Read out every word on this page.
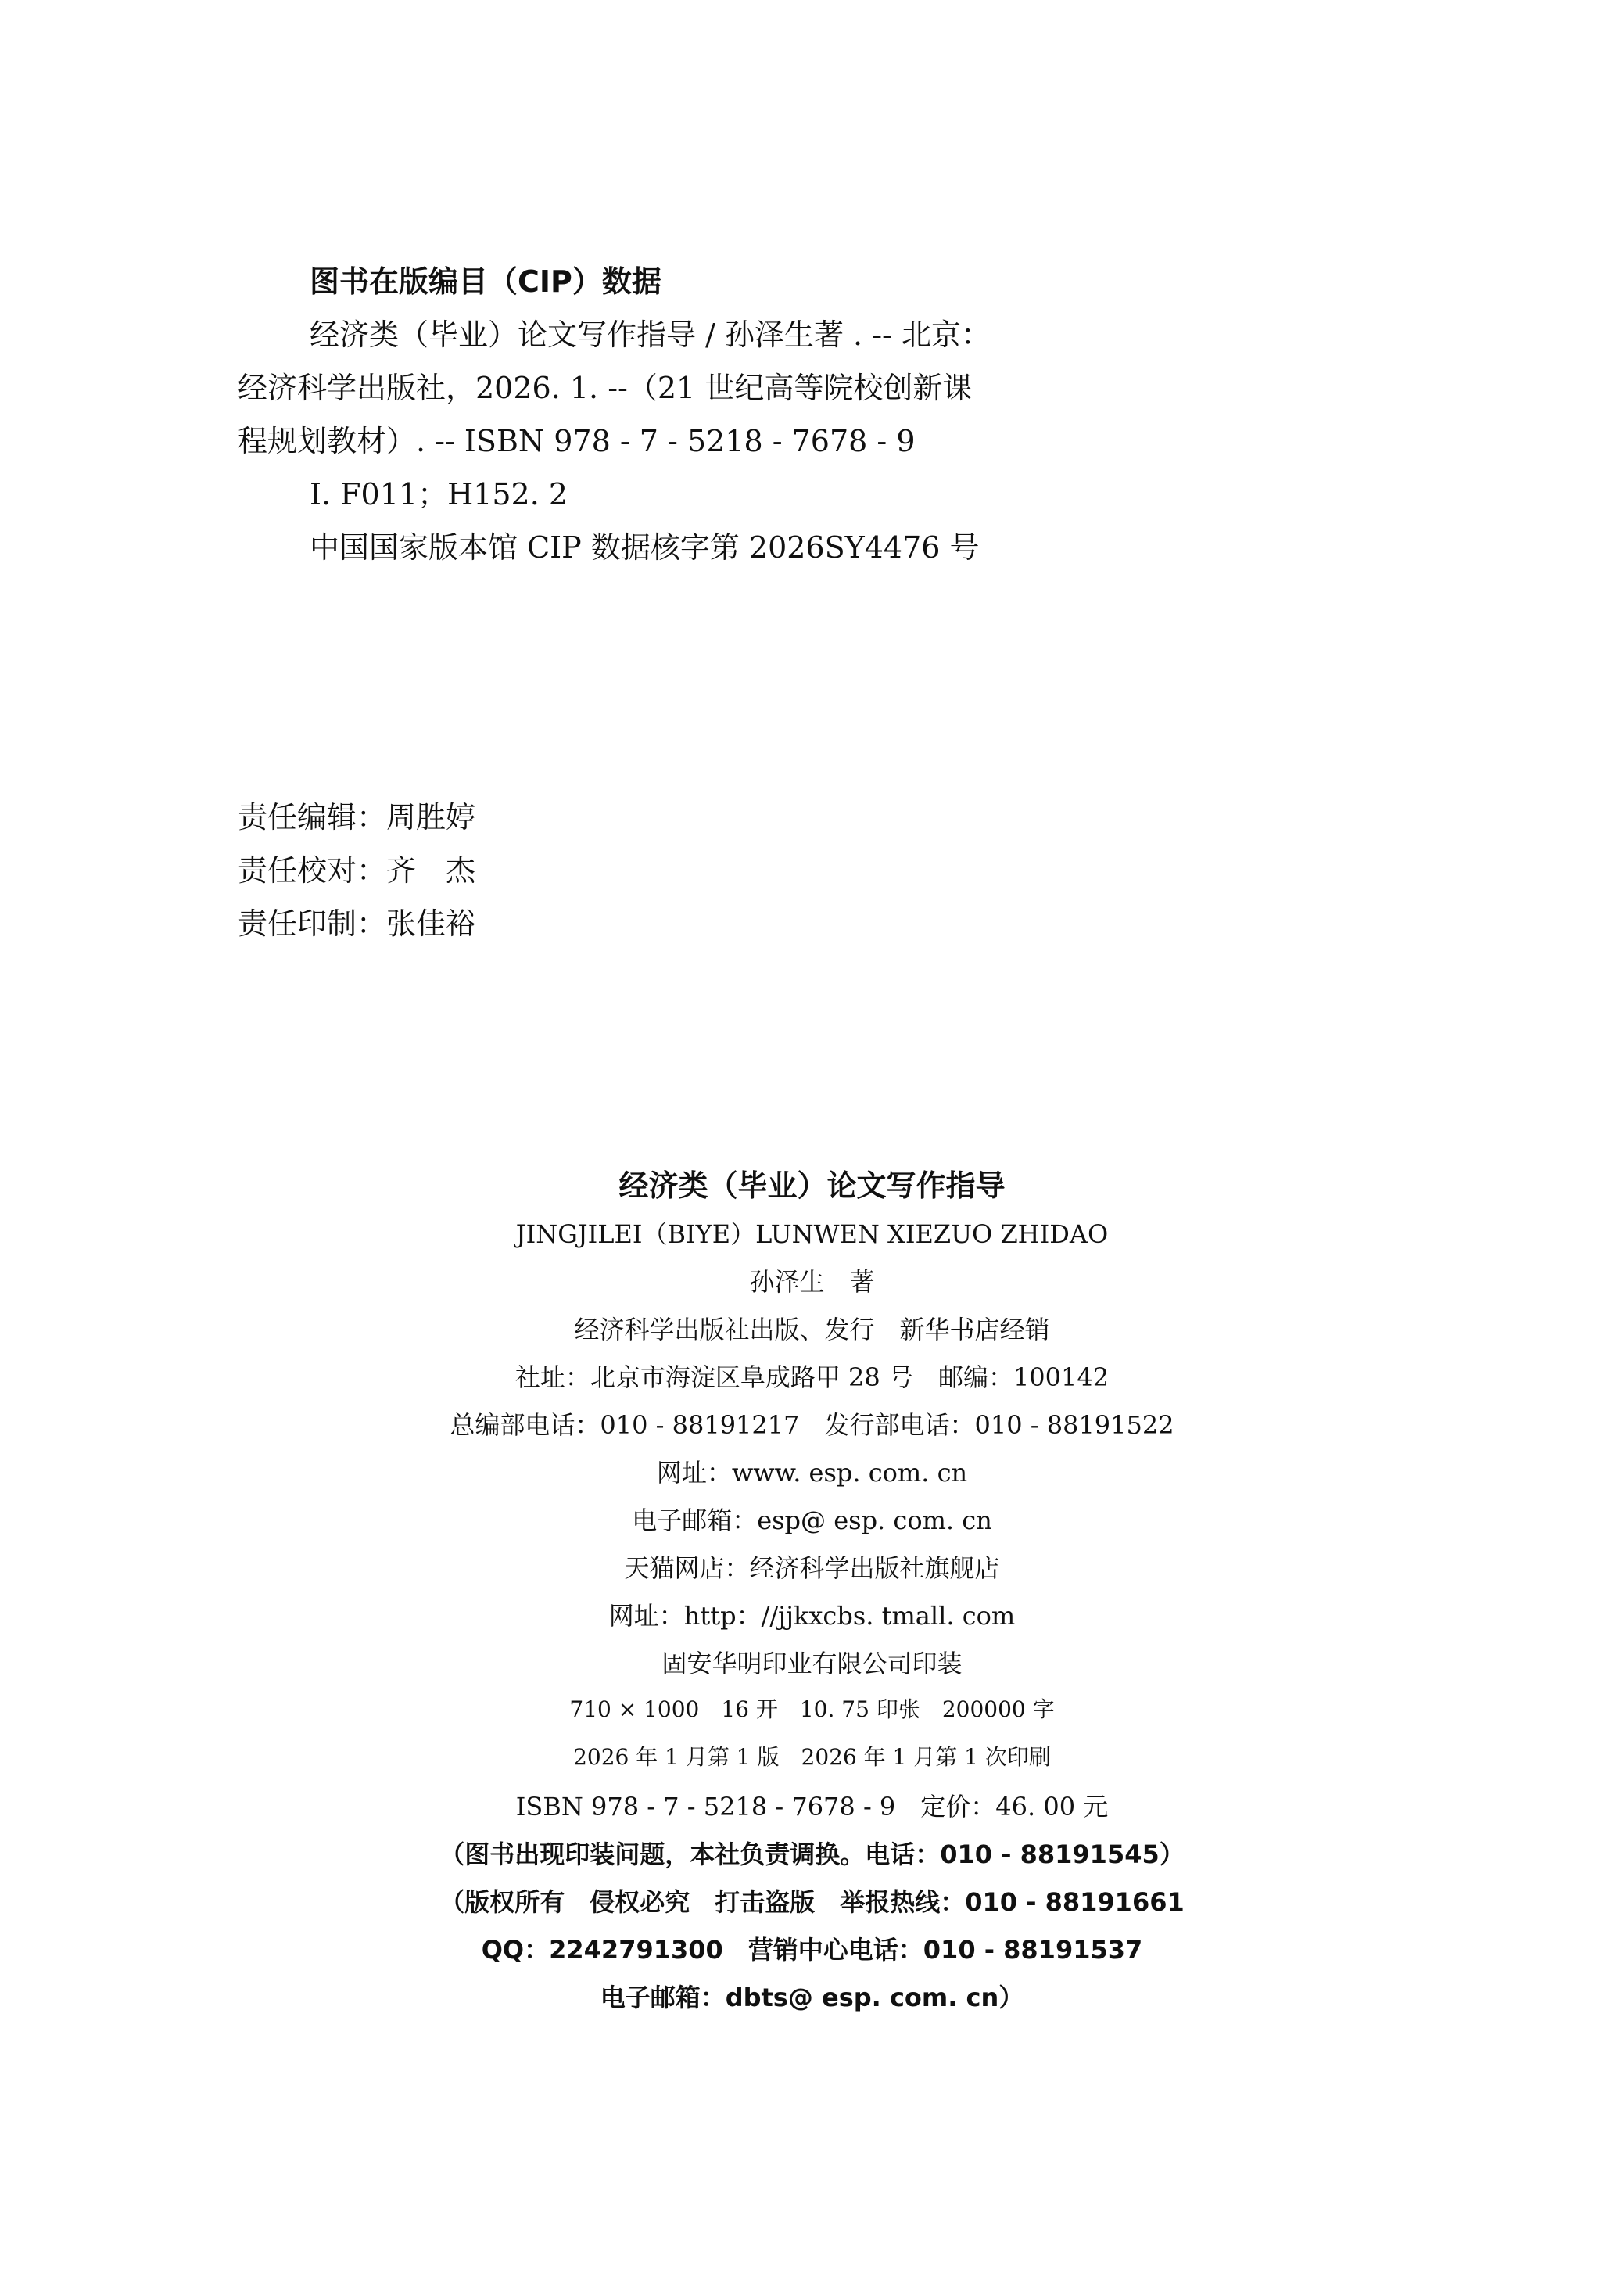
图书在版编目（CIP）数据
经济类（毕业）论文写作指导 / 孙泽生著 . -- 北京：
经济科学出版社，2026. 1. --（21 世纪高等院校创新课
程规划教材）. -- ISBN 978 - 7 - 5218 - 7678 - 9
Ⅰ. F011；H152. 2
中国国家版本馆 CIP 数据核字第 2026SY4476 号
责任编辑：周胜婷
责任校对：齐　杰
责任印制：张佳裕
经济类（毕业）论文写作指导
JINGJILEI（BIYE）LUNWEN XIEZUO ZHIDAO
孙泽生　著
经济科学出版社出版、发行　新华书店经销
社址：北京市海淀区阜成路甲 28 号　邮编：100142
总编部电话：010 - 88191217　发行部电话：010 - 88191522
网址：www. esp. com. cn
电子邮箱：esp@ esp. com. cn
天猫网店：经济科学出版社旗舰店
网址：http：//jjkxcbs. tmall. com
固安华明印业有限公司印装
710 × 1000　16 开　10. 75 印张　200000 字
2026 年 1 月第 1 版　2026 年 1 月第 1 次印刷
ISBN 978 - 7 - 5218 - 7678 - 9　定价：46. 00 元
（图书出现印装问题，本社负责调换。电话：010 - 88191545）
（版权所有　侵权必究　打击盗版　举报热线：010 - 88191661
QQ：2242791300　营销中心电话：010 - 88191537
电子邮箱：dbts@ esp. com. cn）
